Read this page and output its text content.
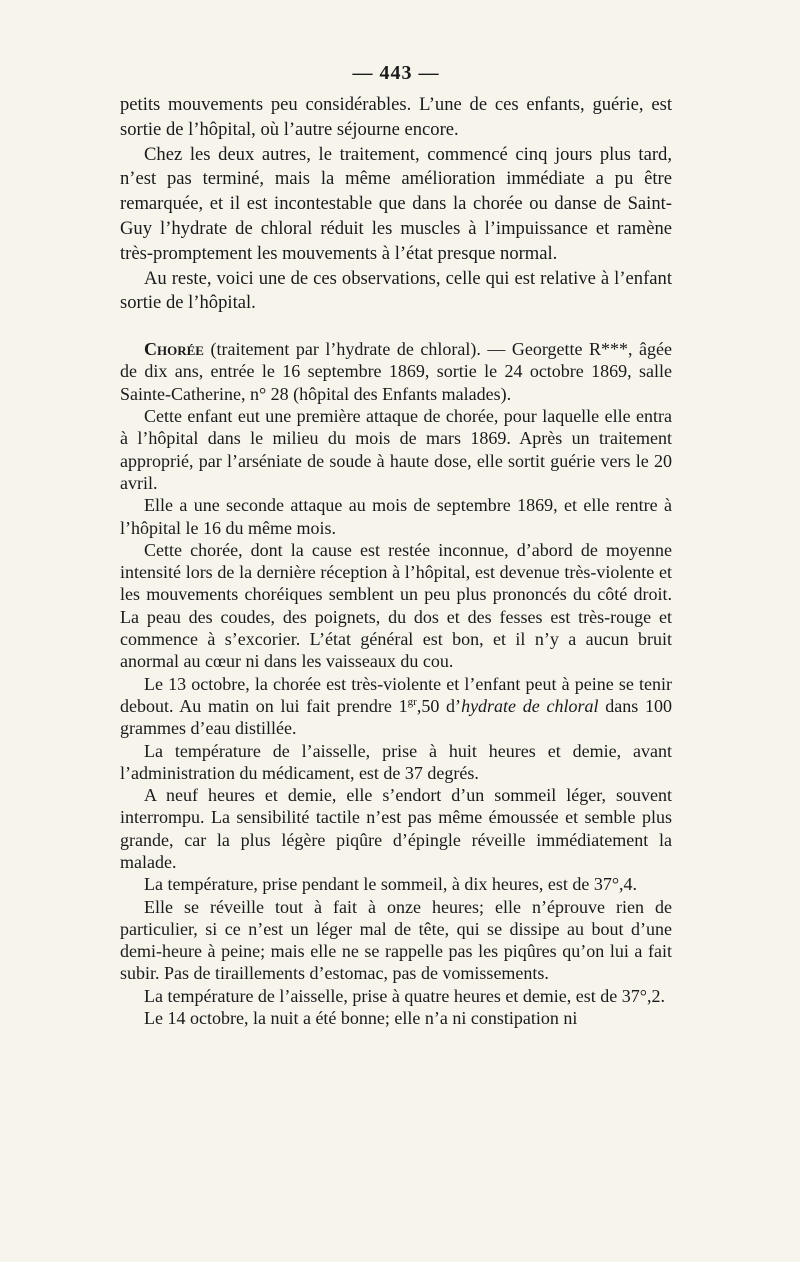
— 443 —

petits mouvements peu considérables. L’une de ces enfants, guérie, est sortie de l’hôpital, où l’autre séjourne encore.

Chez les deux autres, le traitement, commencé cinq jours plus tard, n’est pas terminé, mais la même amélioration immédiate a pu être remarquée, et il est incontestable que dans la chorée ou danse de Saint-Guy l’hydrate de chloral réduit les muscles à l’impuissance et ramène très-promptement les mouvements à l’état presque normal.

Au reste, voici une de ces observations, celle qui est relative à l’enfant sortie de l’hôpital.

Chorée (traitement par l’hydrate de chloral). — Georgette R***, âgée de dix ans, entrée le 16 septembre 1869, sortie le 24 octobre 1869, salle Sainte-Catherine, n° 28 (hôpital des Enfants malades).

Cette enfant eut une première attaque de chorée, pour laquelle elle entra à l’hôpital dans le milieu du mois de mars 1869. Après un traitement approprié, par l’arséniate de soude à haute dose, elle sortit guérie vers le 20 avril.

Elle a une seconde attaque au mois de septembre 1869, et elle rentre à l’hôpital le 16 du même mois.

Cette chorée, dont la cause est restée inconnue, d’abord de moyenne intensité lors de la dernière réception à l’hôpital, est devenue très-violente et les mouvements choréiques semblent un peu plus prononcés du côté droit. La peau des coudes, des poignets, du dos et des fesses est très-rouge et commence à s’excorier. L’état général est bon, et il n’y a aucun bruit anormal au cœur ni dans les vaisseaux du cou.

Le 13 octobre, la chorée est très-violente et l’enfant peut à peine se tenir debout. Au matin on lui fait prendre $1^{gr},50$ d’hydrate de chloral dans 100 grammes d’eau distillée.

La température de l’aisselle, prise à huit heures et demie, avant l’administration du médicament, est de 37 degrés.

A neuf heures et demie, elle s’endort d’un sommeil léger, souvent interrompu. La sensibilité tactile n’est pas même émoussée et semble plus grande, car la plus légère piqûre d’épingle réveille immédiatement la malade.

La température, prise pendant le sommeil, à dix heures, est de 37°,4.

Elle se réveille tout à fait à onze heures; elle n’éprouve rien de particulier, si ce n’est un léger mal de tête, qui se dissipe au bout d’une demi-heure à peine; mais elle ne se rappelle pas les piqûres qu’on lui a fait subir. Pas de tiraillements d’estomac, pas de vomissements.

La température de l’aisselle, prise à quatre heures et demie, est de 37°,2.

Le 14 octobre, la nuit a été bonne; elle n’a ni constipation ni
